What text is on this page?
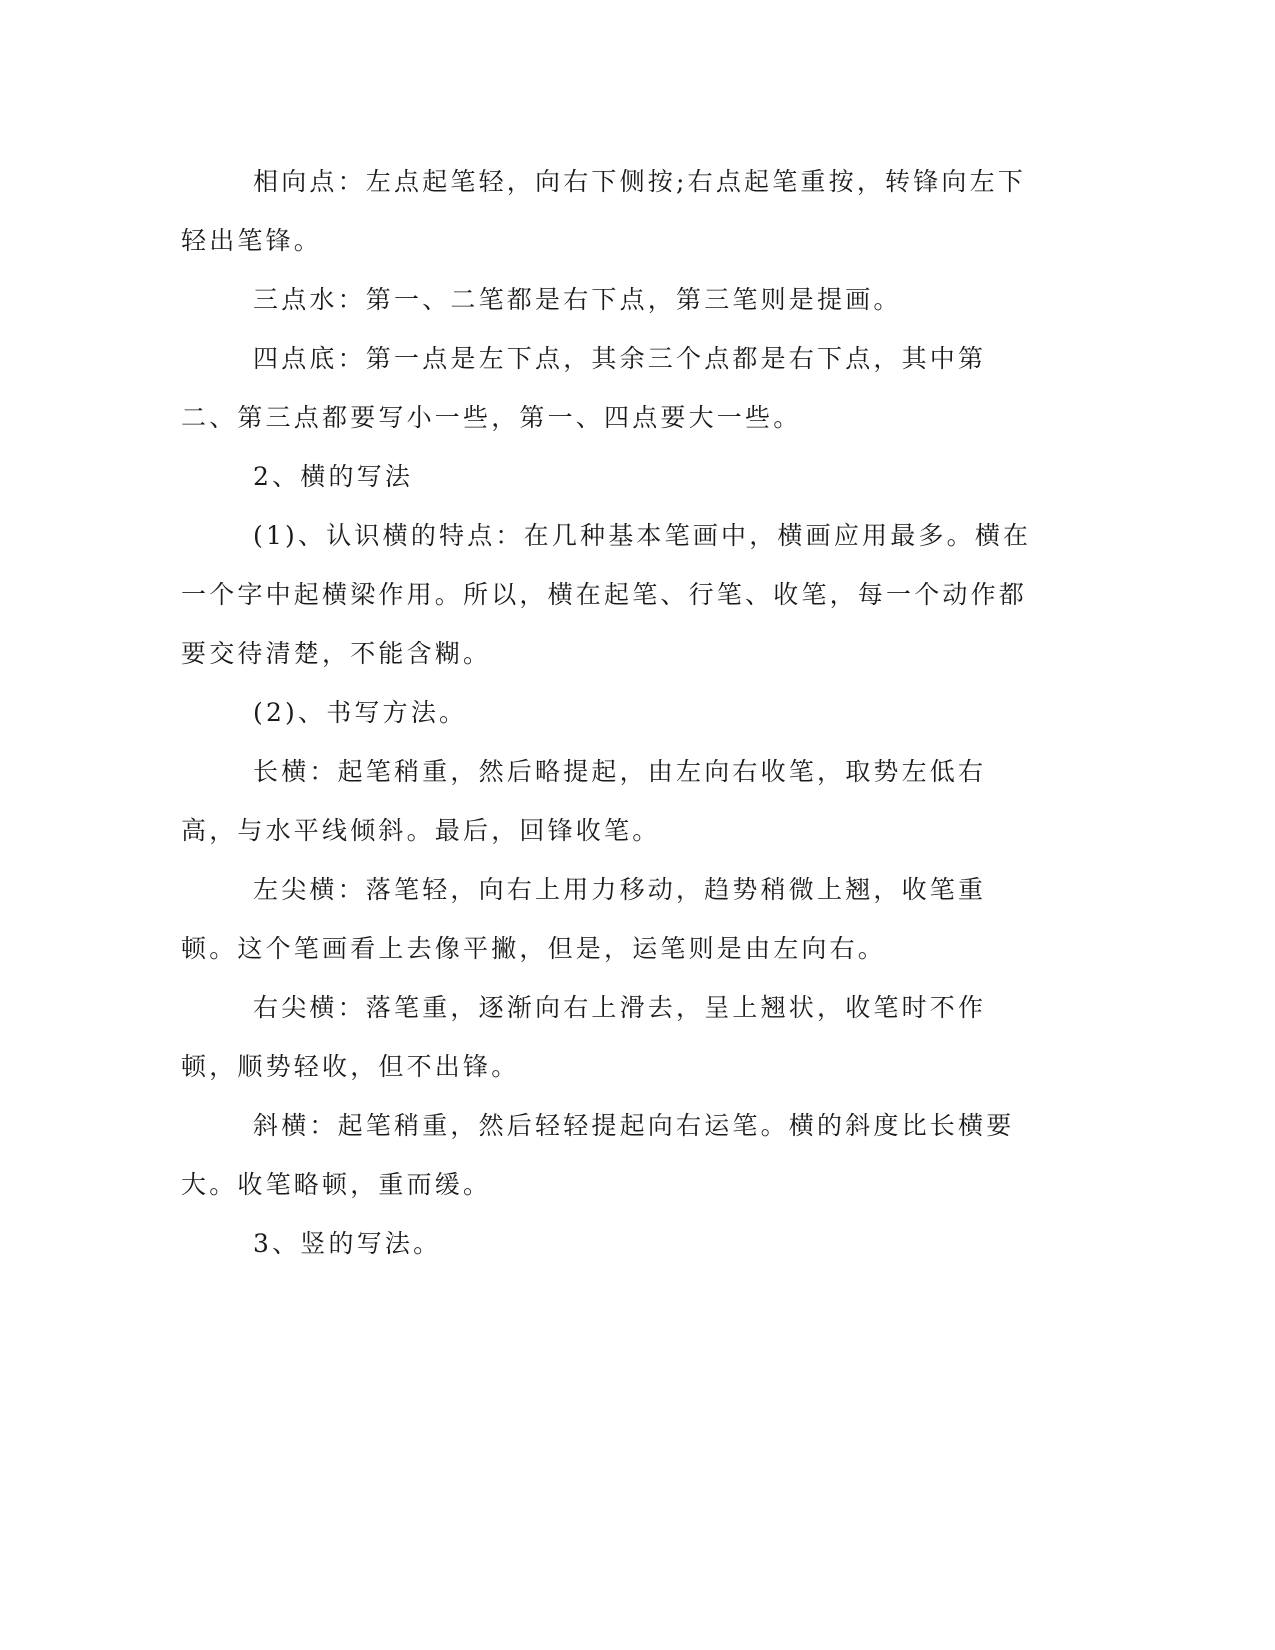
相向点：左点起笔轻，向右下侧按;右点起笔重按，转锋向左下轻出笔锋。

三点水：第一、二笔都是右下点，第三笔则是提画。

四点底：第一点是左下点，其余三个点都是右下点，其中第二、第三点都要写小一些，第一、四点要大一些。

2、横的写法

(1)、认识横的特点：在几种基本笔画中，横画应用最多。横在一个字中起横梁作用。所以，横在起笔、行笔、收笔，每一个动作都要交待清楚，不能含糊。

(2)、书写方法。

长横：起笔稍重，然后略提起，由左向右收笔，取势左低右高，与水平线倾斜。最后，回锋收笔。

左尖横：落笔轻，向右上用力移动，趋势稍微上翘，收笔重顿。这个笔画看上去像平撇，但是，运笔则是由左向右。

右尖横：落笔重，逐渐向右上滑去，呈上翘状，收笔时不作顿，顺势轻收，但不出锋。

斜横：起笔稍重，然后轻轻提起向右运笔。横的斜度比长横要大。收笔略顿，重而缓。

3、竖的写法。
